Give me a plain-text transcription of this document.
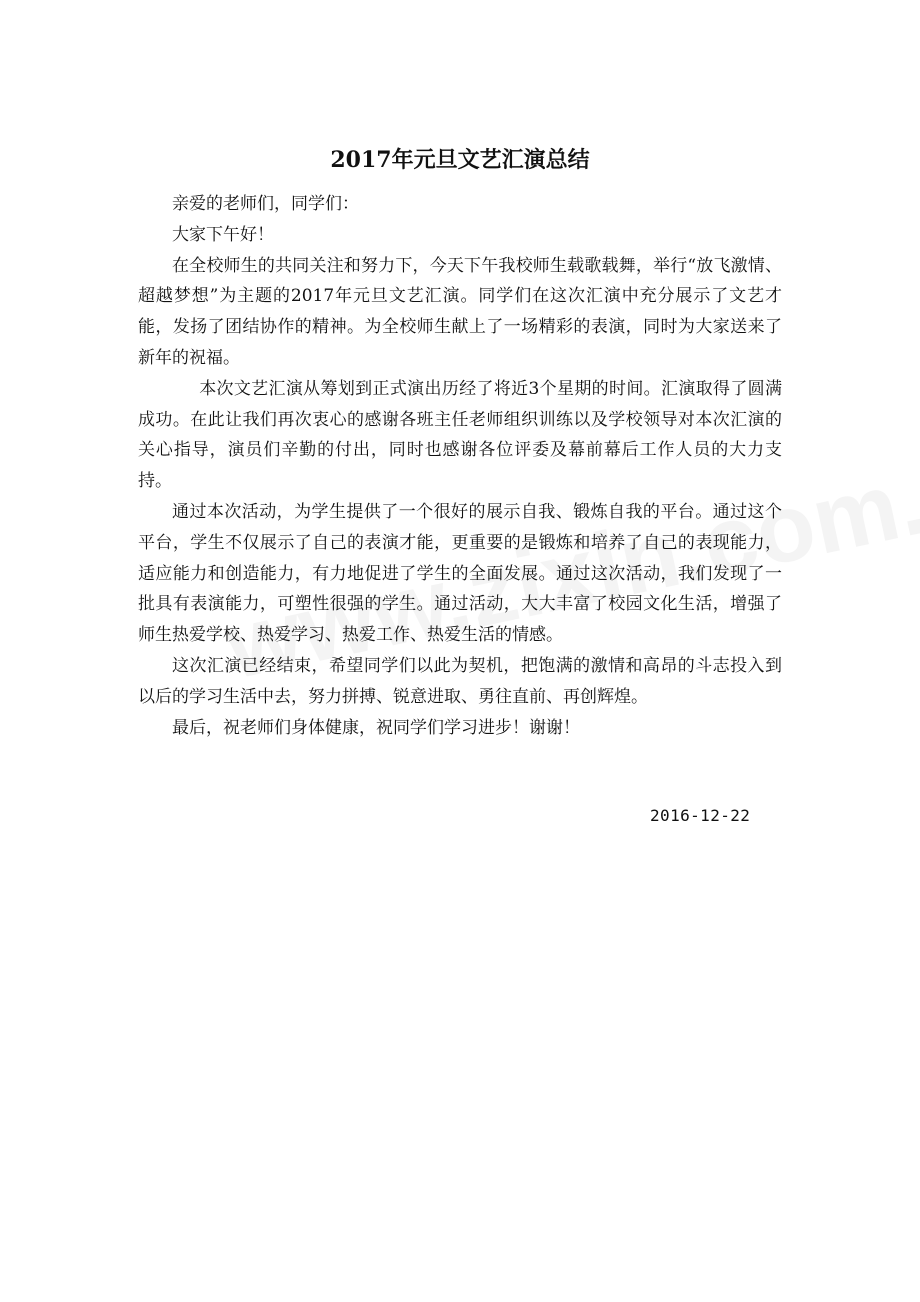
2017年元旦文艺汇演总结

亲爱的老师们，同学们：

大家下午好！

在全校师生的共同关注和努力下，今天下午我校师生载歌载舞，举行“放飞激情、超越梦想”为主题的2017年元旦文艺汇演。同学们在这次汇演中充分展示了文艺才能，发扬了团结协作的精神。为全校师生献上了一场精彩的表演，同时为大家送来了新年的祝福。

本次文艺汇演从筹划到正式演出历经了将近3个星期的时间。汇演取得了圆满成功。在此让我们再次衷心的感谢各班主任老师组织训练以及学校领导对本次汇演的关心指导，演员们辛勤的付出，同时也感谢各位评委及幕前幕后工作人员的大力支持。

通过本次活动，为学生提供了一个很好的展示自我、锻炼自我的平台。通过这个平台，学生不仅展示了自己的表演才能，更重要的是锻炼和培养了自己的表现能力，适应能力和创造能力，有力地促进了学生的全面发展。通过这次活动，我们发现了一批具有表演能力，可塑性很强的学生。通过活动，大大丰富了校园文化生活，增强了师生热爱学校、热爱学习、热爱工作、热爱生活的情感。

这次汇演已经结束，希望同学们以此为契机，把饱满的激情和高昂的斗志投入到以后的学习生活中去，努力拼搏、锐意进取、勇往直前、再创辉煌。

最后，祝老师们身体健康，祝同学们学习进步！谢谢！

2016-12-22
